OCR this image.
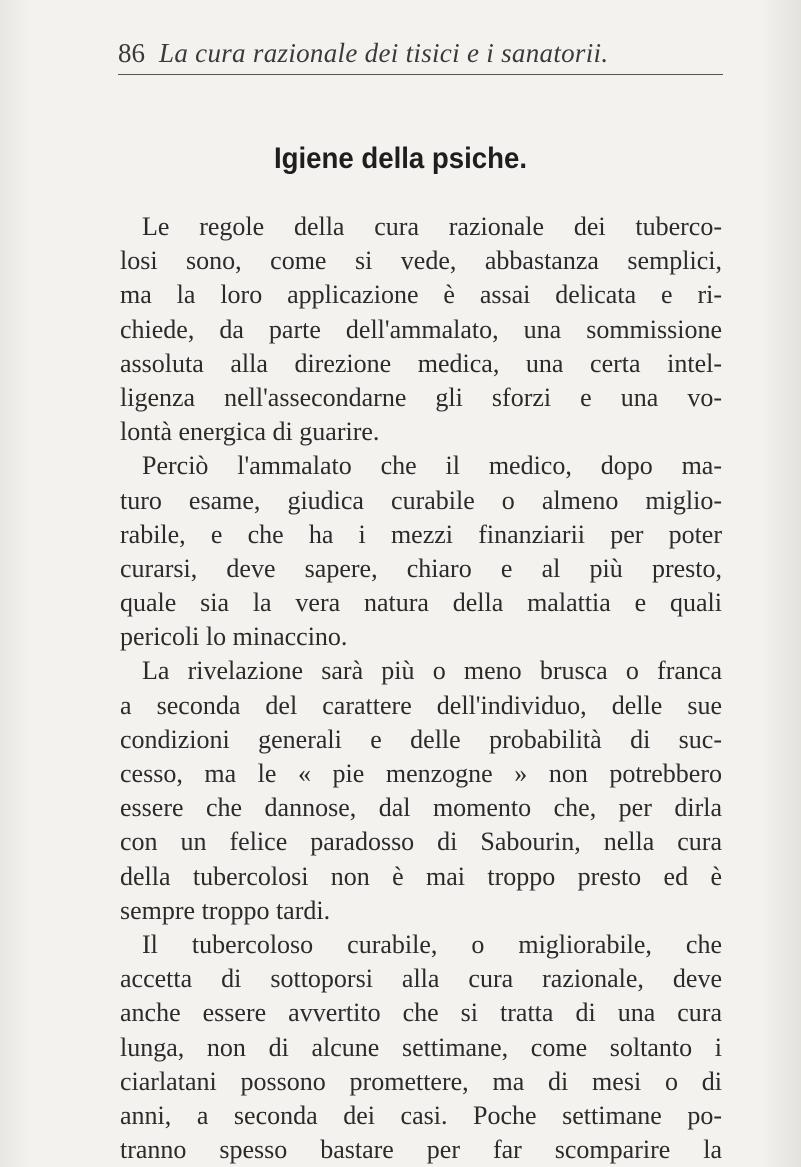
86 La cura razionale dei tisici e i sanatorii.
Igiene della psiche.
Le regole della cura razionale dei tuberco-
losi sono, come si vede, abbastanza semplici,
ma la loro applicazione è assai delicata e ri-
chiede, da parte dell'ammalato, una sommissione
assoluta alla direzione medica, una certa intel-
ligenza nell'assecondarne gli sforzi e una vo-
lontà energica di guarire.
Perciò l'ammalato che il medico, dopo ma-
turo esame, giudica curabile o almeno miglio-
rabile, e che ha i mezzi finanziarii per poter
curarsi, deve sapere, chiaro e al più presto,
quale sia la vera natura della malattia e quali
pericoli lo minaccino.
La rivelazione sarà più o meno brusca o franca
a seconda del carattere dell'individuo, delle sue
condizioni generali e delle probabilità di suc-
cesso, ma le « pie menzogne » non potrebbero
essere che dannose, dal momento che, per dirla
con un felice paradosso di Sabourin, nella cura
della tubercolosi non è mai troppo presto ed è
sempre troppo tardi.
Il tubercoloso curabile, o migliorabile, che
accetta di sottoporsi alla cura razionale, deve
anche essere avvertito che si tratta di una cura
lunga, non di alcune settimane, come soltanto i
ciarlatani possono promettere, ma di mesi o di
anni, a seconda dei casi. Poche settimane po-
tranno spesso bastare per far scomparire la
